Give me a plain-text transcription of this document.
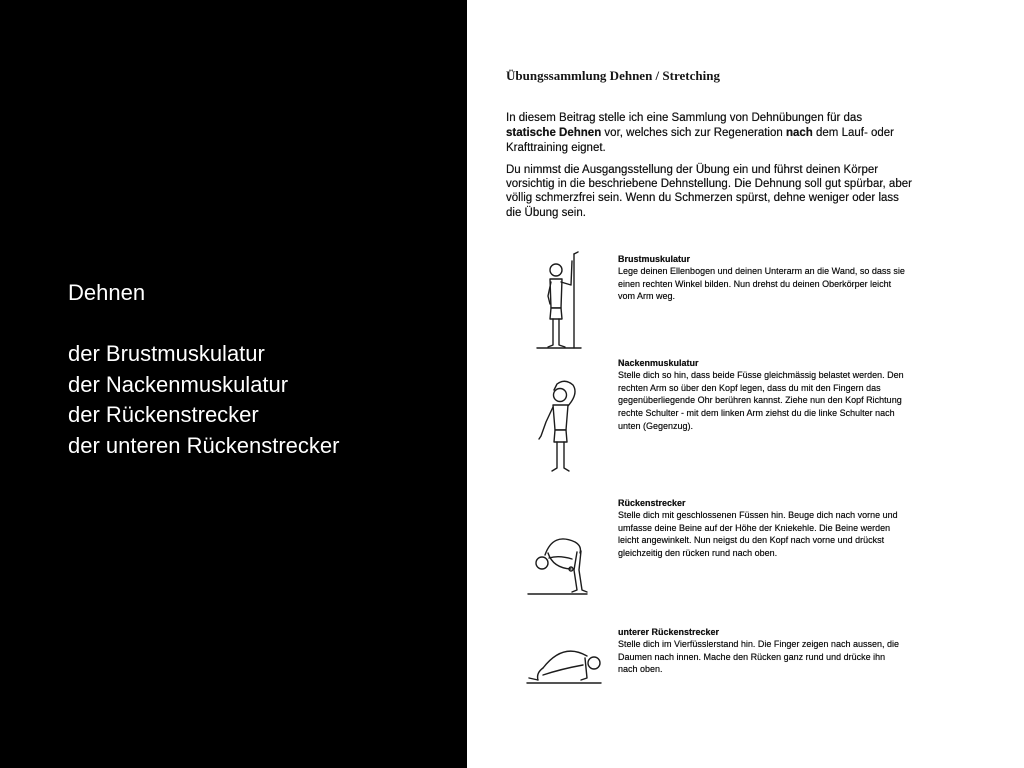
Dehnen
der Brustmuskulatur
der Nackenmuskulatur
der Rückenstrecker
der unteren Rückenstrecker
Übungssammlung Dehnen / Stretching
In diesem Beitrag stelle ich eine Sammlung von Dehnübungen für das
statische Dehnen vor, welches sich zur Regeneration nach dem Lauf- oder
Krafttraining eignet.
Du nimmst die Ausgangsstellung der Übung ein und führst deinen Körper
vorsichtig in die beschriebene Dehnstellung. Die Dehnung soll gut spürbar, aber
völlig schmerzfrei sein. Wenn du Schmerzen spürst, dehne weniger oder lass
die Übung sein.
Brustmuskulatur
Lege deinen Ellenbogen und deinen Unterarm an die Wand, so dass sie
einen rechten Winkel bilden. Nun drehst du deinen Oberkörper leicht
vom Arm weg.
Nackenmuskulatur
Stelle dich so hin, dass beide Füsse gleichmässig belastet werden. Den
rechten Arm so über den Kopf legen, dass du mit den Fingern das
gegenüberliegende Ohr berühren kannst. Ziehe nun den Kopf Richtung
rechte Schulter - mit dem linken Arm ziehst du die linke Schulter nach
unten (Gegenzug).
Rückenstrecker
Stelle dich mit geschlossenen Füssen hin. Beuge dich nach vorne und
umfasse deine Beine auf der Höhe der Kniekehle. Die Beine werden
leicht angewinkelt. Nun neigst du den Kopf nach vorne und drückst
gleichzeitig den rücken rund nach oben.
unterer Rückenstrecker
Stelle dich im Vierfüsslerstand hin. Die Finger zeigen nach aussen, die
Daumen nach innen. Mache den Rücken ganz rund und drücke ihn
nach oben.
